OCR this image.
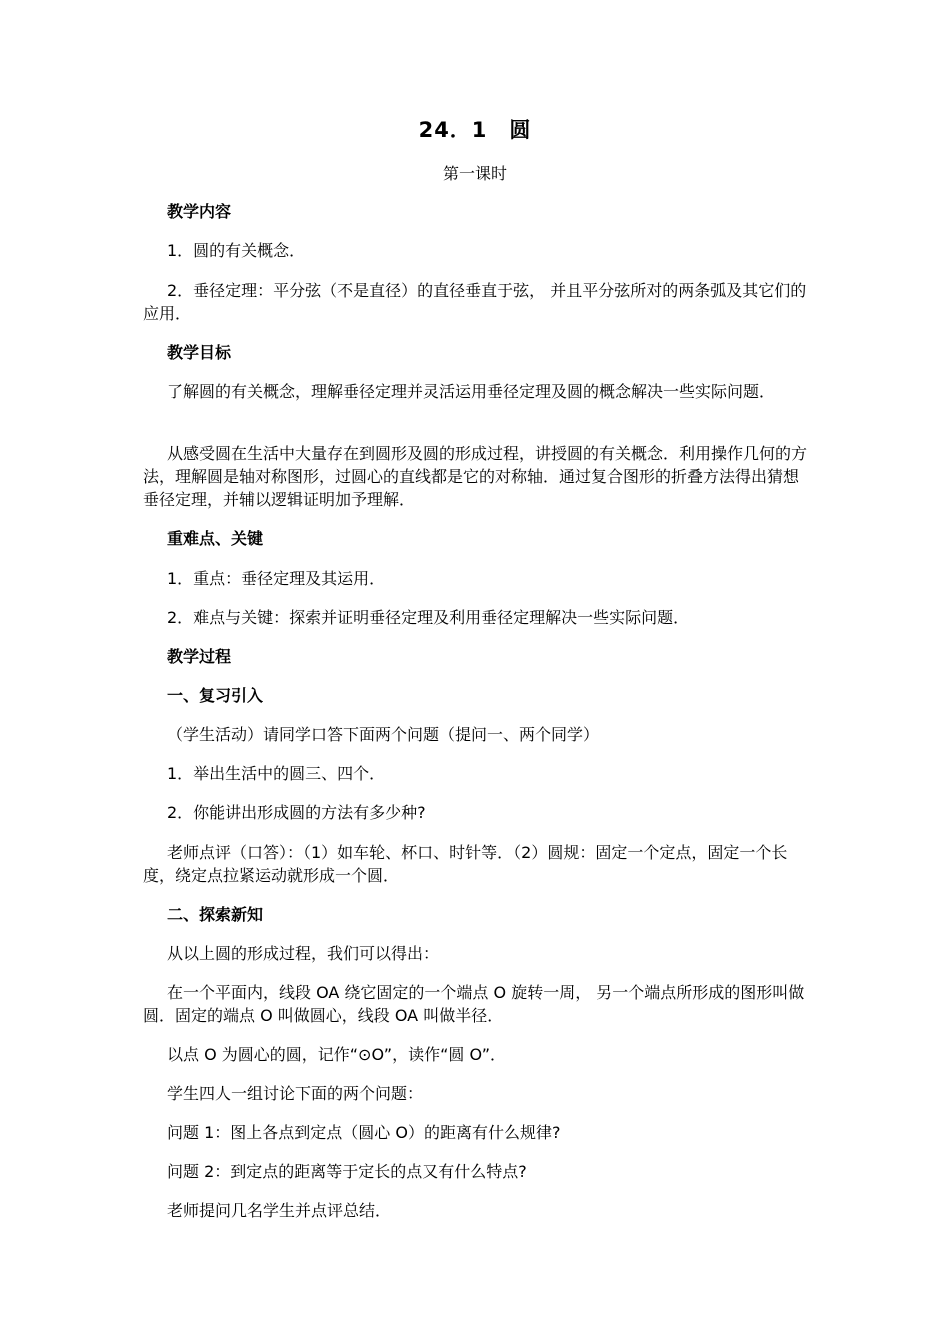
24．1　圆
第一课时
教学内容
1．圆的有关概念．
2．垂径定理：平分弦（不是直径）的直径垂直于弦， 并且平分弦所对的两条弧及其它们的应用．
教学目标
了解圆的有关概念，理解垂径定理并灵活运用垂径定理及圆的概念解决一些实际问题．
从感受圆在生活中大量存在到圆形及圆的形成过程，讲授圆的有关概念．利用操作几何的方法，理解圆是轴对称图形，过圆心的直线都是它的对称轴．通过复合图形的折叠方法得出猜想垂径定理，并辅以逻辑证明加予理解．
重难点、关键
1．重点：垂径定理及其运用．
2．难点与关键：探索并证明垂径定理及利用垂径定理解决一些实际问题．
教学过程
一、复习引入
（学生活动）请同学口答下面两个问题（提问一、两个同学）
1．举出生活中的圆三、四个．
2．你能讲出形成圆的方法有多少种?
老师点评（口答）：（1）如车轮、杯口、时针等．（2）圆规：固定一个定点，固定一个长度，绕定点拉紧运动就形成一个圆．
二、探索新知
从以上圆的形成过程，我们可以得出：
在一个平面内，线段 OA 绕它固定的一个端点 O 旋转一周， 另一个端点所形成的图形叫做圆．固定的端点 O 叫做圆心，线段 OA 叫做半径．
以点 O 为圆心的圆，记作“⊙O”，读作“圆 O”．
学生四人一组讨论下面的两个问题：
问题 1：图上各点到定点（圆心 O）的距离有什么规律?
问题 2：到定点的距离等于定长的点又有什么特点?
老师提问几名学生并点评总结．
